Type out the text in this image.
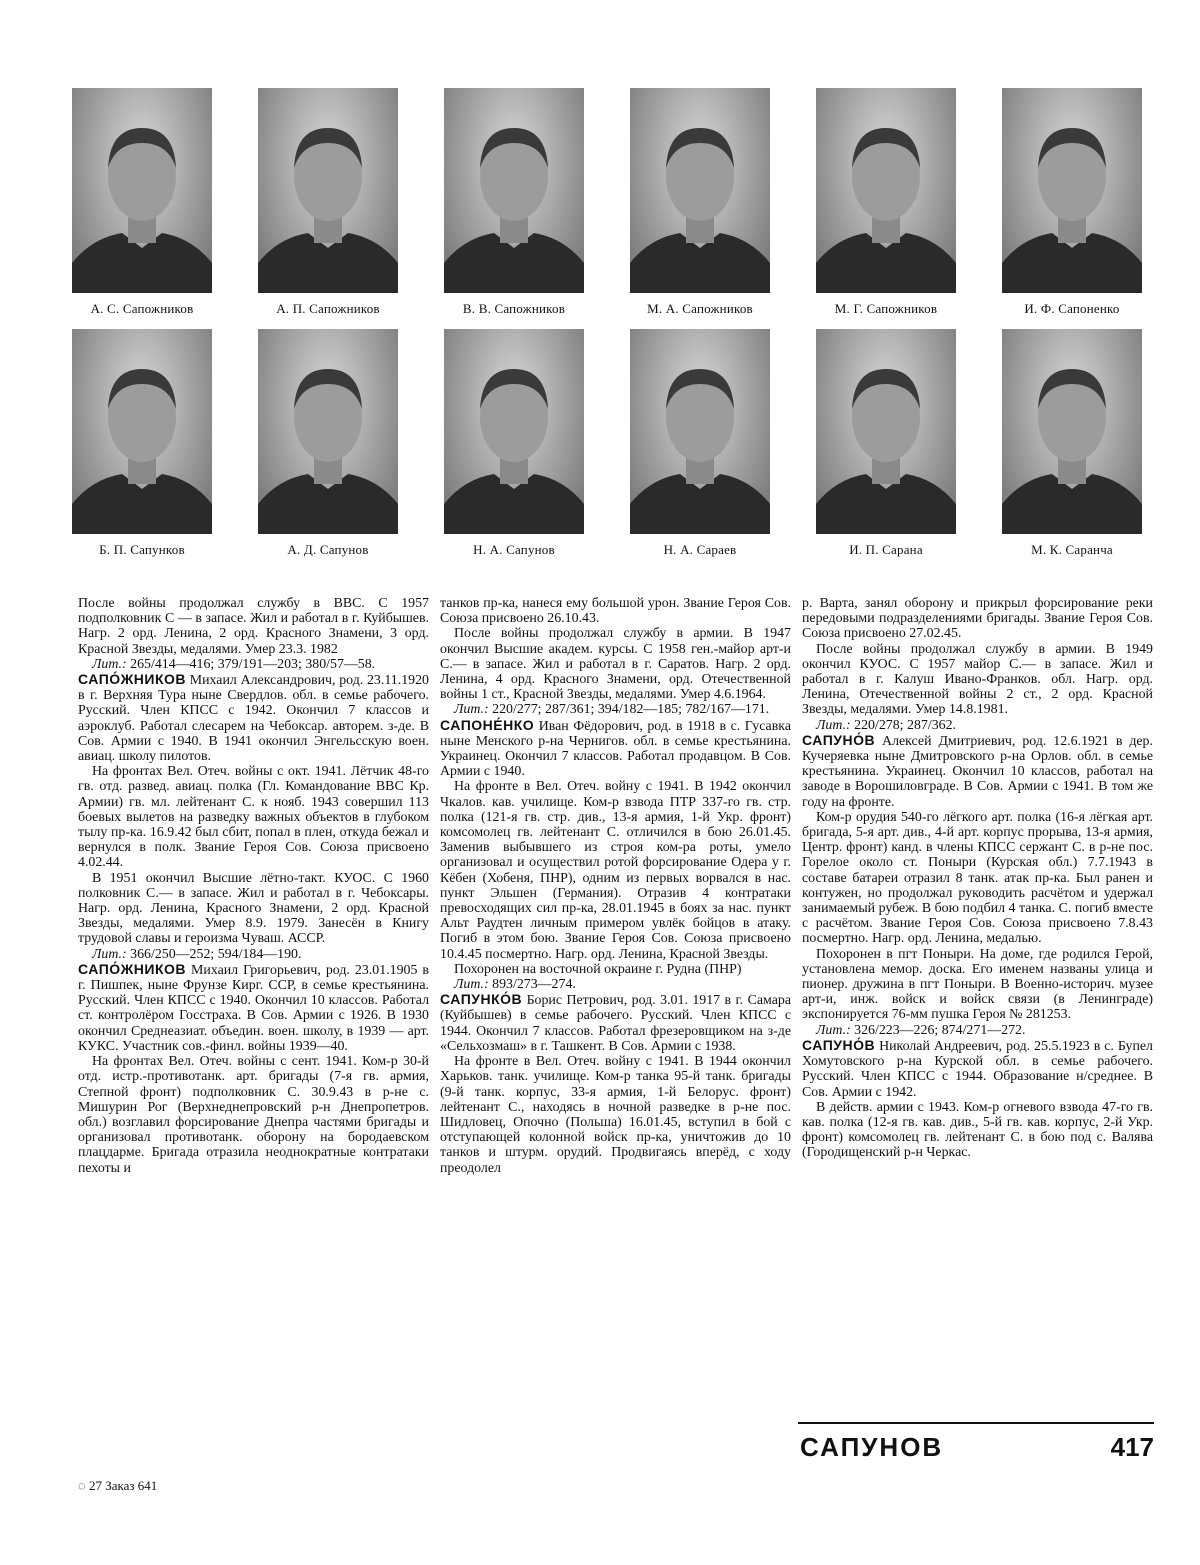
А. С. Сапожников	А. П. Сапожников	В. В. Сапожников	М. А. Сапожников	М. Г. Сапожников	И. Ф. Сапоненко
Б. П. Сапунков	А. Д. Сапунов	Н. А. Сапунов	Н. А. Сараев	И. П. Сарана	М. К. Саранча

После войны продолжал службу в ВВС. С 1957 подполковник С — в запасе. Жил и работал в г. Куйбышев. Нагр. 2 орд. Ленина, 2 орд. Красного Знамени, 3 орд. Красной Звезды, медалями. Умер 23.3. 1982

Лит.: 265/414—416; 379/191—203; 380/57—58.

САПО́ЖНИКОВ Михаил Александрович, род. 23.11.1920 в г. Верхняя Тура ныне Свердлов. обл. в семье рабочего. Русский. Член КПСС с 1942. Окончил 7 классов и аэроклуб. Работал слесарем на Чебоксар. авторем. з-де. В Сов. Армии с 1940. В 1941 окончил Энгельсскую воен. авиац. школу пилотов.

На фронтах Вел. Отеч. войны с окт. 1941. Лётчик 48-го гв. отд. развед. авиац. полка (Гл. Командование ВВС Кр. Армии) гв. мл. лейтенант С. к нояб. 1943 совершил 113 боевых вылетов на разведку важных объектов в глубоком тылу пр-ка. 16.9.42 был сбит, попал в плен, откуда бежал и вернулся в полк. Звание Героя Сов. Союза присвоено 4.02.44.

В 1951 окончил Высшие лётно-такт. КУОС. С 1960 полковник С.— в запасе. Жил и работал в г. Чебоксары. Нагр. орд. Ленина, Красного Знамени, 2 орд. Красной Звезды, медалями. Умер 8.9. 1979. Занесён в Книгу трудовой славы и героизма Чуваш. АССР.

Лит.: 366/250—252; 594/184—190.

САПО́ЖНИКОВ Михаил Григорьевич, род. 23.01.1905 в г. Пишпек, ныне Фрунзе Кирг. ССР, в семье крестьянина. Русский. Член КПСС с 1940. Окончил 10 классов. Работал ст. контролёром Госстраха. В Сов. Армии с 1926. В 1930 окончил Среднеазиат. объедин. воен. школу, в 1939 — арт. КУКС. Участник сов.-финл. войны 1939—40.

На фронтах Вел. Отеч. войны с сент. 1941. Ком-р 30-й отд. истр.-противотанк. арт. бригады (7-я гв. армия, Степной фронт) подполковник С. 30.9.43 в р-не с. Мишурин Рог (Верхнеднепровский р-н Днепропетров. обл.) возглавил форсирование Днепра частями бригады и организовал противотанк. оборону на бородаевском плацдарме. Бригада отразила неоднократные контратаки пехоты и

танков пр-ка, нанеся ему большой урон. Звание Героя Сов. Союза присвоено 26.10.43.

После войны продолжал службу в армии. В 1947 окончил Высшие академ. курсы. С 1958 ген.-майор арт-и С.— в запасе. Жил и работал в г. Саратов. Нагр. 2 орд. Ленина, 4 орд. Красного Знамени, орд. Отечественной войны 1 ст., Красной Звезды, медалями. Умер 4.6.1964.

Лит.: 220/277; 287/361; 394/182—185; 782/167—171.

САПОНЕ́НКО Иван Фёдорович, род. в 1918 в с. Гусавка ныне Менского р-на Чернигов. обл. в семье крестьянина. Украинец. Окончил 7 классов. Работал продавцом. В Сов. Армии с 1940.

На фронте в Вел. Отеч. войну с 1941. В 1942 окончил Чкалов. кав. училище. Ком-р взвода ПТР 337-го гв. стр. полка (121-я гв. стр. див., 13-я армия, 1-й Укр. фронт) комсомолец гв. лейтенант С. отличился в бою 26.01.45. Заменив выбывшего из строя ком-ра роты, умело организовал и осуществил ротой форсирование Одера у г. Кёбен (Хобеня, ПНР), одним из первых ворвался в нас. пункт Эльшен (Германия). Отразив 4 контратаки превосходящих сил пр-ка, 28.01.1945 в боях за нас. пункт Альт Раудтен личным примером увлёк бойцов в атаку. Погиб в этом бою. Звание Героя Сов. Союза присвоено 10.4.45 посмертно. Нагр. орд. Ленина, Красной Звезды.

Похоронен на восточной окраине г. Рудна (ПНР)

Лит.: 893/273—274.

САПУНКО́В Борис Петрович, род. 3.01. 1917 в г. Самара (Куйбышев) в семье рабочего. Русский. Член КПСС с 1944. Окончил 7 классов. Работал фрезеровщиком на з-де «Сельхозмаш» в г. Ташкент. В Сов. Армии с 1938.

На фронте в Вел. Отеч. войну с 1941. В 1944 окончил Харьков. танк. училище. Ком-р танка 95-й танк. бригады (9-й танк. корпус, 33-я армия, 1-й Белорус. фронт) лейтенант С., находясь в ночной разведке в р-не пос. Шидловец, Опочно (Польша) 16.01.45, вступил в бой с отступающей колонной войск пр-ка, уничтожив до 10 танков и штурм. орудий. Продвигаясь вперёд, с ходу преодолел

р. Варта, занял оборону и прикрыл форсирование реки передовыми подразделениями бригады. Звание Героя Сов. Союза присвоено 27.02.45.

После войны продолжал службу в армии. В 1949 окончил КУОС. С 1957 майор С.— в запасе. Жил и работал в г. Калуш Ивано-Франков. обл. Нагр. орд. Ленина, Отечественной войны 2 ст., 2 орд. Красной Звезды, медалями. Умер 14.8.1981.

Лит.: 220/278; 287/362.

САПУНО́В Алексей Дмитриевич, род. 12.6.1921 в дер. Кучеряевка ныне Дмитровского р-на Орлов. обл. в семье крестьянина. Украинец. Окончил 10 классов, работал на заводе в Ворошиловграде. В Сов. Армии с 1941. В том же году на фронте.

Ком-р орудия 540-го лёгкого арт. полка (16-я лёгкая арт. бригада, 5-я арт. див., 4-й арт. корпус прорыва, 13-я армия, Центр. фронт) канд. в члены КПСС сержант С. в р-не пос. Горелое около ст. Поныри (Курская обл.) 7.7.1943 в составе батареи отразил 8 танк. атак пр-ка. Был ранен и контужен, но продолжал руководить расчётом и удержал занимаемый рубеж. В бою подбил 4 танка. С. погиб вместе с расчётом. Звание Героя Сов. Союза присвоено 7.8.43 посмертно. Нагр. орд. Ленина, медалью.

Похоронен в пгт Поныри. На доме, где родился Герой, установлена мемор. доска. Его именем названы улица и пионер. дружина в пгт Поныри. В Военно-историч. музее арт-и, инж. войск и войск связи (в Ленинграде) экспонируется 76-мм пушка Героя № 281253.

Лит.: 326/223—226; 874/271—272.

САПУНО́В Николай Андреевич, род. 25.5.1923 в с. Бупел Хомутовского р-на Курской обл. в семье рабочего. Русский. Член КПСС с 1944. Образование н/среднее. В Сов. Армии с 1942.

В действ. армии с 1943. Ком-р огневого взвода 47-го гв. кав. полка (12-я гв. кав. див., 5-й гв. кав. корпус, 2-й Укр. фронт) комсомолец гв. лейтенант С. в бою под с. Валява (Городищенский р-н Черкас.

САПУНОВ	417
◌ 27 Заказ 641
